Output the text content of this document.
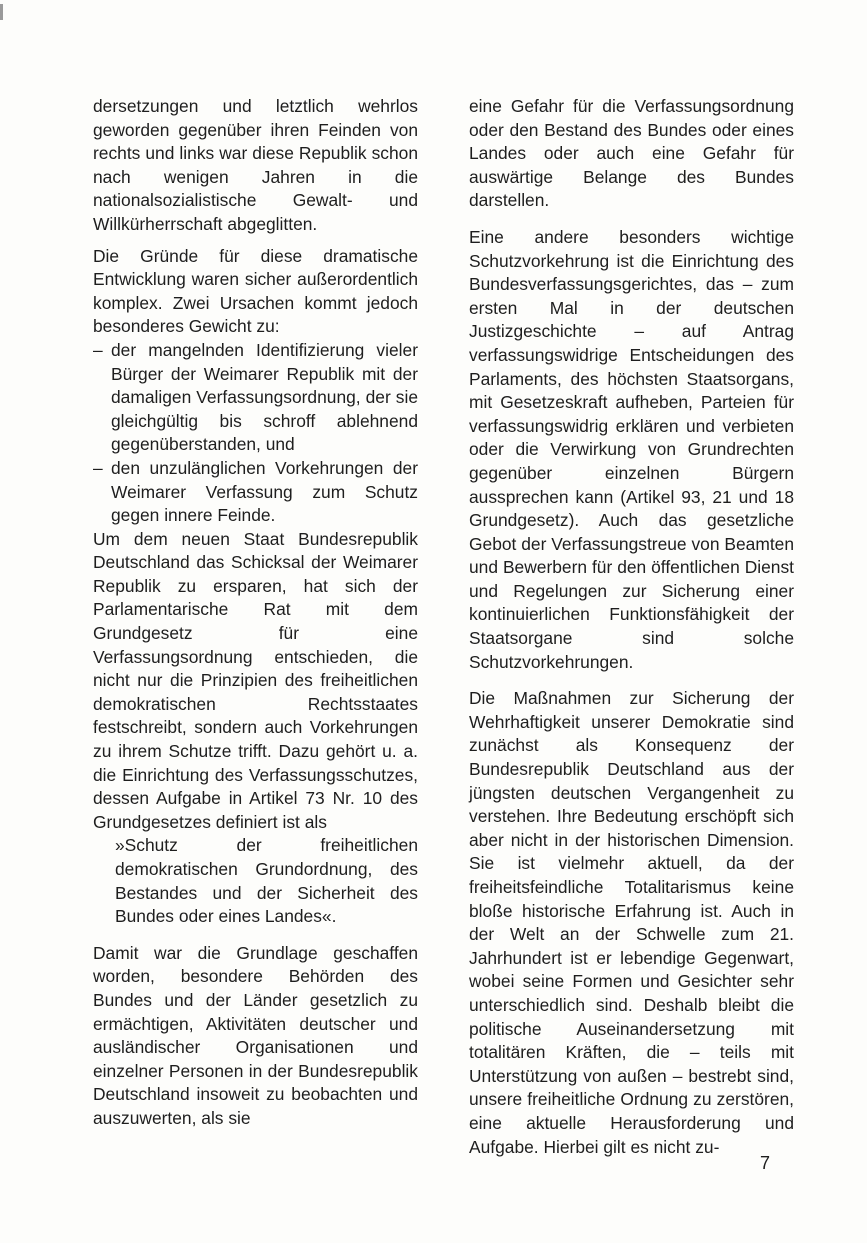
dersetzungen und letztlich wehrlos geworden gegenüber ihren Feinden von rechts und links war diese Republik schon nach wenigen Jahren in die nationalsozialistische Gewalt- und Willkürherrschaft abgeglitten.

Die Gründe für diese dramatische Entwicklung waren sicher außerordentlich komplex. Zwei Ursachen kommt jedoch besonderes Gewicht zu:

– der mangelnden Identifizierung vieler Bürger der Weimarer Republik mit der damaligen Verfassungsordnung, der sie gleichgültig bis schroff ablehnend gegenüberstanden, und
– den unzulänglichen Vorkehrungen der Weimarer Verfassung zum Schutz gegen innere Feinde.

Um dem neuen Staat Bundesrepublik Deutschland das Schicksal der Weimarer Republik zu ersparen, hat sich der Parlamentarische Rat mit dem Grundgesetz für eine Verfassungsordnung entschieden, die nicht nur die Prinzipien des freiheitlichen demokratischen Rechtsstaates festschreibt, sondern auch Vorkehrungen zu ihrem Schutze trifft. Dazu gehört u. a. die Einrichtung des Verfassungsschutzes, dessen Aufgabe in Artikel 73 Nr. 10 des Grundgesetzes definiert ist als

»Schutz der freiheitlichen demokratischen Grundordnung, des Bestandes und der Sicherheit des Bundes oder eines Landes«.

Damit war die Grundlage geschaffen worden, besondere Behörden des Bundes und der Länder gesetzlich zu ermächtigen, Aktivitäten deutscher und ausländischer Organisationen und einzelner Personen in der Bundesrepublik Deutschland insoweit zu beobachten und auszuwerten, als sie

eine Gefahr für die Verfassungsordnung oder den Bestand des Bundes oder eines Landes oder auch eine Gefahr für auswärtige Belange des Bundes darstellen.

Eine andere besonders wichtige Schutzvorkehrung ist die Einrichtung des Bundesverfassungsgerichtes, das – zum ersten Mal in der deutschen Justizgeschichte – auf Antrag verfassungswidrige Entscheidungen des Parlaments, des höchsten Staatsorgans, mit Gesetzeskraft aufheben, Parteien für verfassungswidrig erklären und verbieten oder die Verwirkung von Grundrechten gegenüber einzelnen Bürgern aussprechen kann (Artikel 93, 21 und 18 Grundgesetz). Auch das gesetzliche Gebot der Verfassungstreue von Beamten und Bewerbern für den öffentlichen Dienst und Regelungen zur Sicherung einer kontinuierlichen Funktionsfähigkeit der Staatsorgane sind solche Schutzvorkehrungen.

Die Maßnahmen zur Sicherung der Wehrhaftigkeit unserer Demokratie sind zunächst als Konsequenz der Bundesrepublik Deutschland aus der jüngsten deutschen Vergangenheit zu verstehen. Ihre Bedeutung erschöpft sich aber nicht in der historischen Dimension. Sie ist vielmehr aktuell, da der freiheitsfeindliche Totalitarismus keine bloße historische Erfahrung ist. Auch in der Welt an der Schwelle zum 21. Jahrhundert ist er lebendige Gegenwart, wobei seine Formen und Gesichter sehr unterschiedlich sind. Deshalb bleibt die politische Auseinandersetzung mit totalitären Kräften, die – teils mit Unterstützung von außen – bestrebt sind, unsere freiheitliche Ordnung zu zerstören, eine aktuelle Herausforderung und Aufgabe. Hierbei gilt es nicht zu-

7
